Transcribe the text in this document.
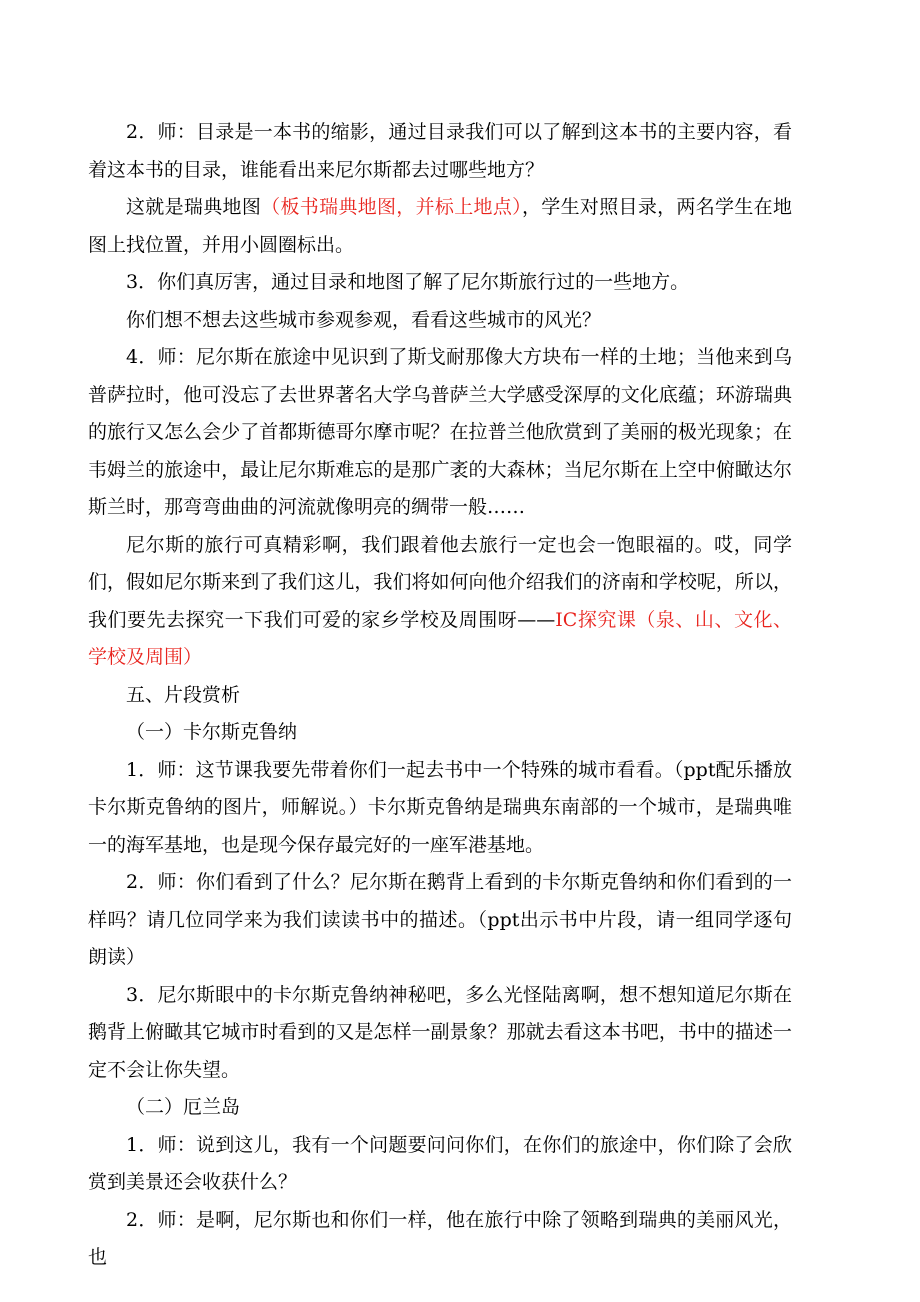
2．师：目录是一本书的缩影，通过目录我们可以了解到这本书的主要内容，看着这本书的目录，谁能看出来尼尔斯都去过哪些地方？

这就是瑞典地图（板书瑞典地图，并标上地点），学生对照目录，两名学生在地图上找位置，并用小圆圈标出。

3．你们真厉害，通过目录和地图了解了尼尔斯旅行过的一些地方。

你们想不想去这些城市参观参观，看看这些城市的风光？

4．师：尼尔斯在旅途中见识到了斯戈耐那像大方块布一样的土地；当他来到乌普萨拉时，他可没忘了去世界著名大学乌普萨兰大学感受深厚的文化底蕴；环游瑞典的旅行又怎么会少了首都斯德哥尔摩市呢？在拉普兰他欣赏到了美丽的极光现象；在韦姆兰的旅途中，最让尼尔斯难忘的是那广袤的大森林；当尼尔斯在上空中俯瞰达尔斯兰时，那弯弯曲曲的河流就像明亮的绸带一般……

尼尔斯的旅行可真精彩啊，我们跟着他去旅行一定也会一饱眼福的。哎，同学们，假如尼尔斯来到了我们这儿，我们将如何向他介绍我们的济南和学校呢，所以，我们要先去探究一下我们可爱的家乡学校及周围呀——IC探究课（泉、山、文化、学校及周围）

五、片段赏析

（一）卡尔斯克鲁纳

1．师：这节课我要先带着你们一起去书中一个特殊的城市看看。（ppt配乐播放卡尔斯克鲁纳的图片，师解说。）卡尔斯克鲁纳是瑞典东南部的一个城市，是瑞典唯一的海军基地，也是现今保存最完好的一座军港基地。

2．师：你们看到了什么？尼尔斯在鹅背上看到的卡尔斯克鲁纳和你们看到的一样吗？请几位同学来为我们读读书中的描述。（ppt出示书中片段，请一组同学逐句朗读）

3．尼尔斯眼中的卡尔斯克鲁纳神秘吧，多么光怪陆离啊，想不想知道尼尔斯在鹅背上俯瞰其它城市时看到的又是怎样一副景象？那就去看这本书吧，书中的描述一定不会让你失望。

（二）厄兰岛

1．师：说到这儿，我有一个问题要问问你们，在你们的旅途中，你们除了会欣赏到美景还会收获什么？

2．师：是啊，尼尔斯也和你们一样，他在旅行中除了领略到瑞典的美丽风光，也
